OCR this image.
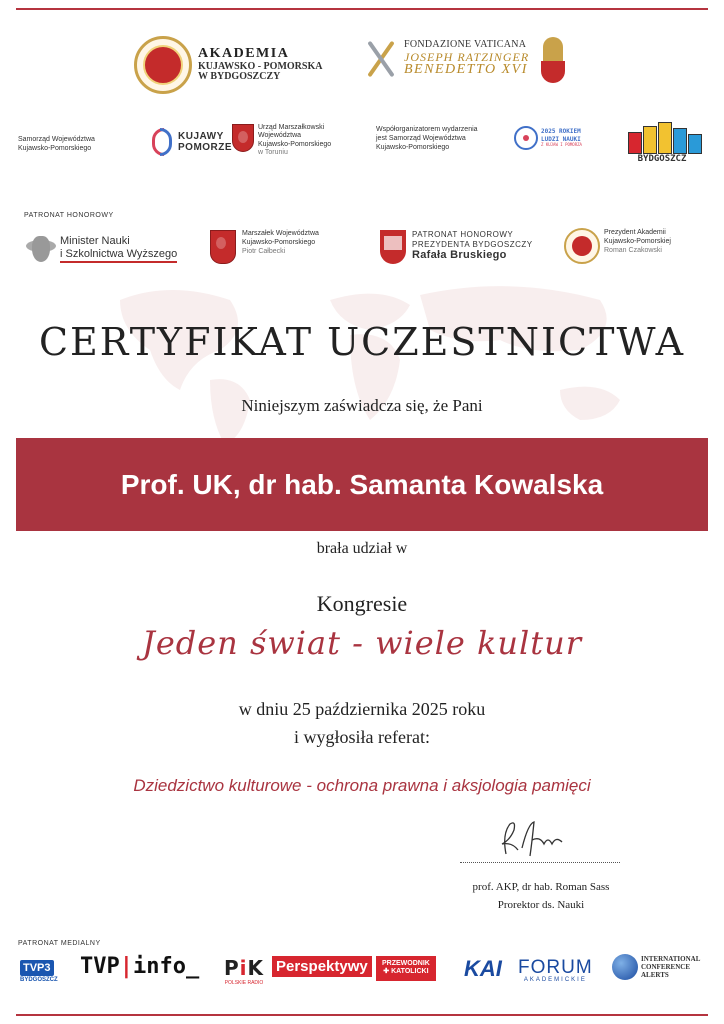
AKADEMIA
KUJAWSKO - POMORSKA
W BYDGOSZCZY
FONDAZIONE VATICANA
JOSEPH RATZINGER
BENEDETTO XVI
Samorząd Województwa
Kujawsko-Pomorskiego
KUJAWY
POMORZE
Urząd Marszałkowski
Województwa
Kujawsko-Pomorskiego
w Toruniu
Współorganizatorem wydarzenia
jest Samorząd Województwa
Kujawsko-Pomorskiego
2025 ROKIEM
LUDZI NAUKI
Z KUJAW I POMORZA
BYDGOSZCZ
PATRONAT HONOROWY
Minister Nauki
i Szkolnictwa Wyższego
Marszałek Województwa
Kujawsko-Pomorskiego
Piotr Całbecki
PATRONAT HONOROWY
PREZYDENTA BYDGOSZCZY
Rafała Bruskiego
Prezydent Akademii
Kujawsko-Pomorskiej
Roman Czakowski
CERTYFIKAT UCZESTNICTWA
Niniejszym zaświadcza się, że Pani
Prof. UK, dr hab. Samanta Kowalska
brała udział w
Kongresie
Jeden świat - wiele kultur
w dniu 25 października 2025 roku
i wygłosiła referat:
Dziedzictwo kulturowe - ochrona prawna i aksjologia pamięci
prof. AKP, dr hab. Roman Sass
Prorektor ds. Nauki
PATRONAT MEDIALNY
TVP3
BYDGOSZCZ
TVP|info_ PiK
POLSKIE RADIO
Perspektywy	PRZEWODNIK
✚ KATOLICKI KAI FORUM
AKADEMICKIE
INTERNATIONAL
CONFERENCE
ALERTS
